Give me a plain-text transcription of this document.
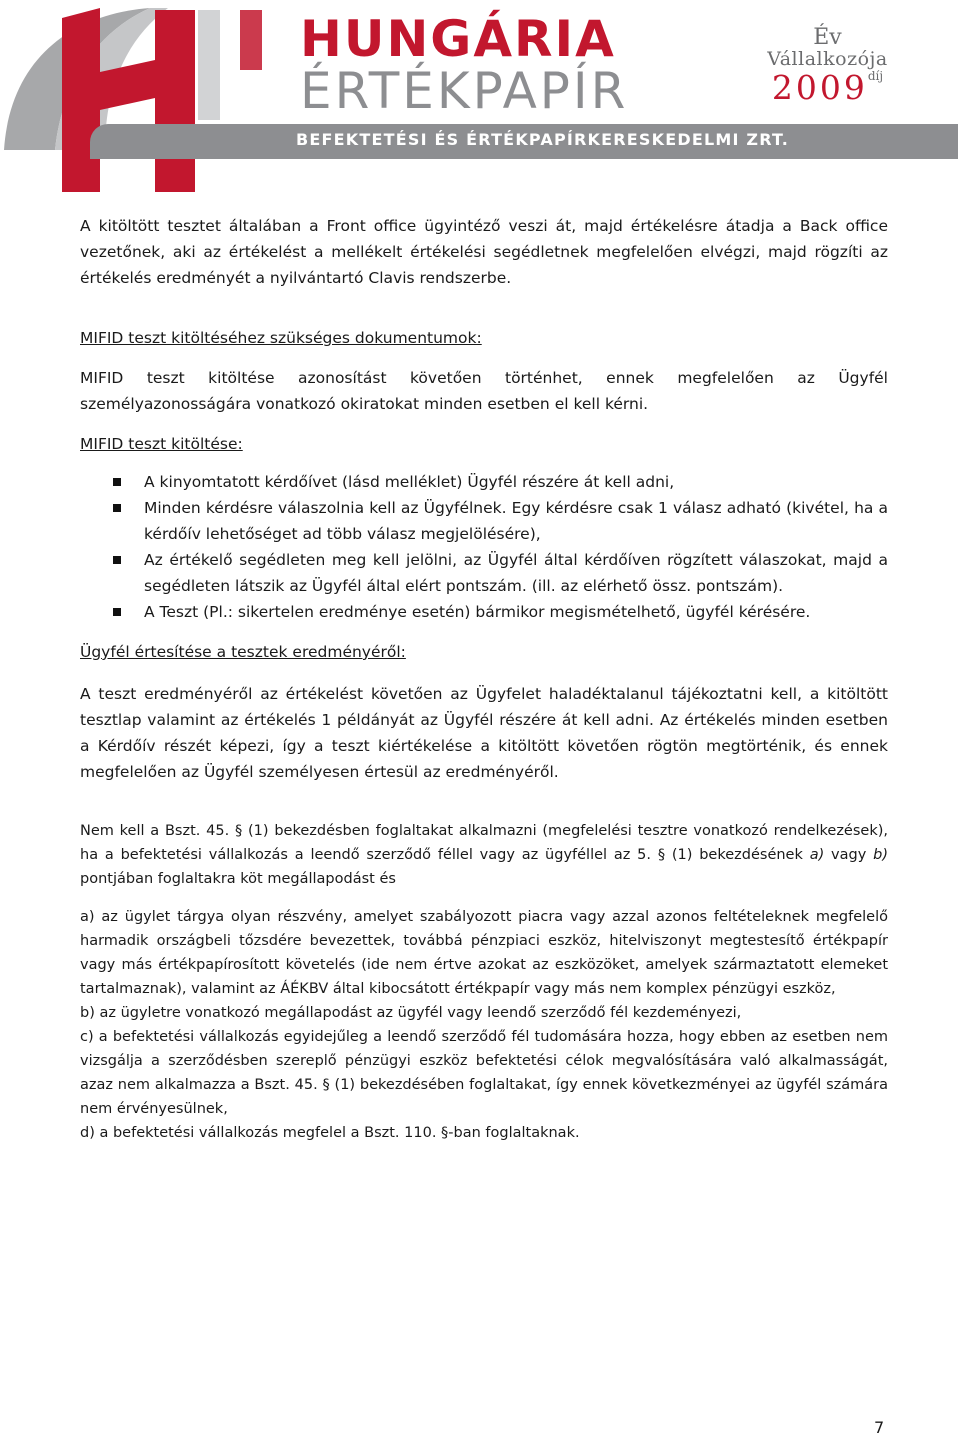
HUNGÁRIA
ÉRTÉKPAPÍR
Év
Vállalkozója
$2009^{díj}$
BEFEKTETÉSI ÉS ÉRTÉKPAPÍRKERESKEDELMI ZRT.

A kitöltött tesztet általában a Front office ügyintéző veszi át, majd értékelésre átadja a Back office vezetőnek, aki az értékelést a mellékelt értékelési segédletnek megfelelően elvégzi, majd rögzíti az értékelés eredményét a nyilvántartó Clavis rendszerbe.

MIFID teszt kitöltéséhez szükséges dokumentumok:

MIFID teszt kitöltése azonosítást követően történhet, ennek megfelelően az Ügyfél személyazonosságára vonatkozó okiratokat minden esetben el kell kérni.

MIFID teszt kitöltése:

A kinyomtatott kérdőívet (lásd melléklet) Ügyfél részére át kell adni,
Minden kérdésre válaszolnia kell az Ügyfélnek. Egy kérdésre csak 1 válasz adható (kivétel, ha a kérdőív lehetőséget ad több válasz megjelölésére),
Az értékelő segédleten meg kell jelölni, az Ügyfél által kérdőíven rögzített válaszokat, majd a segédleten látszik az Ügyfél által elért pontszám. (ill. az elérhető össz. pontszám).
A Teszt (Pl.: sikertelen eredménye esetén) bármikor megismételhető, ügyfél kérésére.

Ügyfél értesítése a tesztek eredményéről:

A teszt eredményéről az értékelést követően az Ügyfelet haladéktalanul tájékoztatni kell, a kitöltött tesztlap valamint az értékelés 1 példányát az Ügyfél részére át kell adni. Az értékelés minden esetben a Kérdőív részét képezi, így a teszt kiértékelése a kitöltött követően rögtön megtörténik, és ennek megfelelően az Ügyfél személyesen értesül az eredményéről.

Nem kell a Bszt. 45. § (1) bekezdésben foglaltakat alkalmazni (megfelelési tesztre vonatkozó rendelkezések), ha a befektetési vállalkozás a leendő szerződő féllel vagy az ügyféllel az 5. § (1) bekezdésének a) vagy b) pontjában foglaltakra köt megállapodást és

a) az ügylet tárgya olyan részvény, amelyet szabályozott piacra vagy azzal azonos feltételeknek megfelelő harmadik országbeli tőzsdére bevezettek, továbbá pénzpiaci eszköz, hitelviszonyt megtestesítő értékpapír vagy más értékpapírosított követelés (ide nem értve azokat az eszközöket, amelyek származtatott elemeket tartalmaznak), valamint az ÁÉKBV által kibocsátott értékpapír vagy más nem komplex pénzügyi eszköz,

b) az ügyletre vonatkozó megállapodást az ügyfél vagy leendő szerződő fél kezdeményezi,

c) a befektetési vállalkozás egyidejűleg a leendő szerződő fél tudomására hozza, hogy ebben az esetben nem vizsgálja a szerződésben szereplő pénzügyi eszköz befektetési célok megvalósítására való alkalmasságát, azaz nem alkalmazza a Bszt. 45. § (1) bekezdésében foglaltakat, így ennek következményei az ügyfél számára nem érvényesülnek,

d) a befektetési vállalkozás megfelel a Bszt. 110. §-ban foglaltaknak.

7
